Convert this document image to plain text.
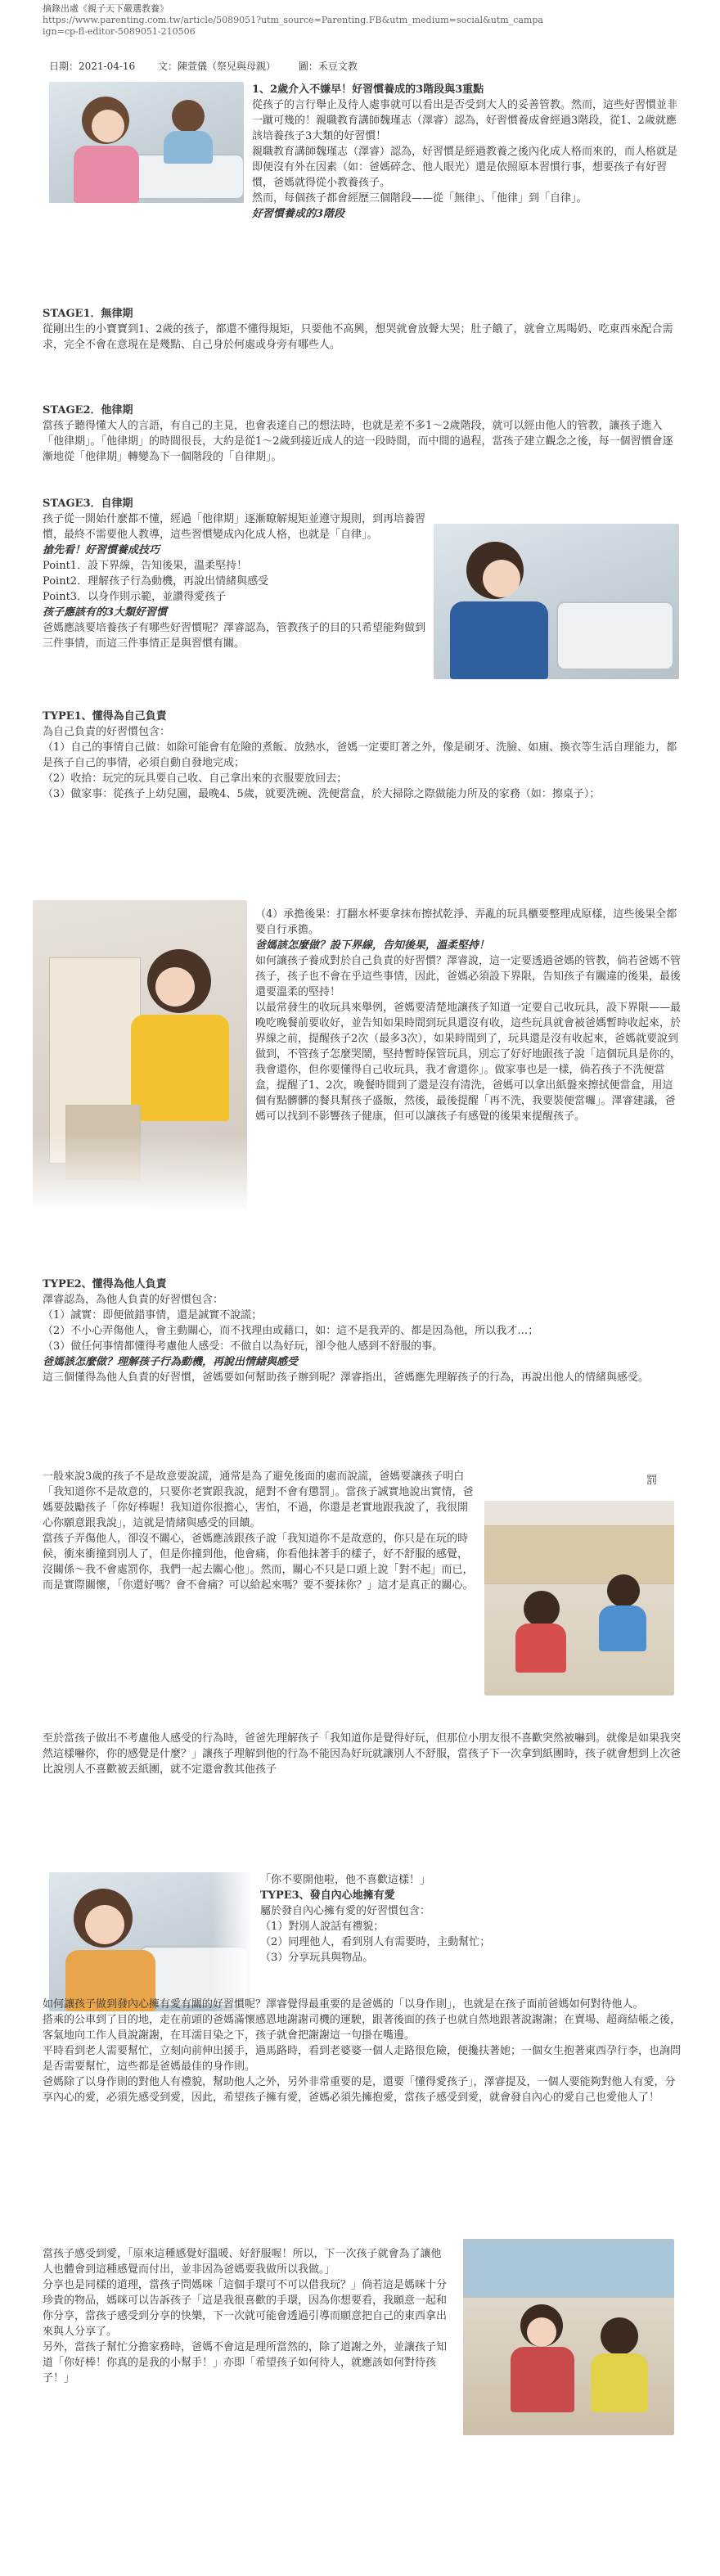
摘錄出處《親子天下嚴選教養》
https://www.parenting.com.tw/article/5089051?utm_source=Parenting.FB&utm_medium=social&utm_campa
ign=cp-fl-editor-5089051-210506
日期：2021-04-16 文：陳萱儀（祭兒與母親） 圖：禾豆文教

1、2歲介入不嫌早！好習慣養成的3階段與3重點

從孩子的言行舉止及待人處事就可以看出是否受到大人的妥善管教。然而，這些好習慣並非一蹴可幾的！親職教育講師魏瑾志（澤睿）認為，好習慣養成會經過3階段，從1、2歲就應該培養孩子3大類的好習慣！

親職教育講師魏瑾志（澤睿）認為，好習慣是經過教養之後內化成人格而來的，而人格就是即便沒有外在因素（如：爸媽碎念、他人眼光）還是依照原本習慣行事，想要孩子有好習慣，爸媽就得從小教養孩子。

然而，每個孩子都會經歷三個階段——從「無律」、「他律」到「自律」。

好習慣養成的3階段

STAGE1．無律期

從剛出生的小寶寶到1、2歲的孩子，都還不懂得規矩，只要他不高興，想哭就會放聲大哭；肚子餓了，就會立馬喝奶、吃東西來配合需求，完全不會在意現在是幾點、自己身於何處或身旁有哪些人。

STAGE2．他律期

當孩子聽得懂大人的言語，有自己的主見，也會表達自己的想法時，也就是差不多1～2歲階段，就可以經由他人的管教，讓孩子進入「他律期」。「他律期」的時間很長，大約是從1～2歲到接近成人的這一段時間，而中間的過程，當孩子建立觀念之後，每一個習慣會逐漸地從「他律期」轉變為下一個階段的「自律期」。

STAGE3．自律期

孩子從一開始什麼都不懂，經過「他律期」逐漸瞭解規矩並遵守規則，到再培養習慣，最終不需要他人教導，這些習慣變成內化成人格，也就是「自律」。

搶先看！好習慣養成技巧

Point1．設下界線，告知後果，溫柔堅持！

Point2．理解孩子行為動機，再說出情緒與感受

Point3．以身作則示範，並讚得愛孩子

孩子應該有的3大類好習慣

爸媽應該要培養孩子有哪些好習慣呢？澤睿認為，管教孩子的目的只希望能夠做到三件事情，而這三件事情正是與習慣有關。

TYPE1、懂得為自己負責

為自己負責的好習慣包含：

（1）自己的事情自己做：如除可能會有危險的煮飯、放熱水，爸媽一定要盯著之外，像是刷牙、洗臉、如廁、換衣等生活自理能力，都是孩子自己的事情，必須自動自發地完成；

（2）收拾：玩完的玩具要自己收、自己拿出來的衣服要放回去；

（3）做家事：從孩子上幼兒園，最晚4、5歲，就要洗碗、洗便當盒，於大掃除之際做能力所及的家務（如：擦桌子）；

（4）承擔後果：打翻水杯要拿抹布擦拭乾淨、弄亂的玩具櫃要整理成原樣，這些後果全都要自行承擔。

爸媽該怎麼做？設下界線，告知後果，溫柔堅持！

如何讓孩子養成對於自己負責的好習慣？澤睿說，這一定要透過爸媽的管教，倘若爸媽不管孩子，孩子也不會在乎這些事情，因此，爸媽必須設下界限，告知孩子有關違的後果，最後還要溫柔的堅持！

以最常發生的收玩具來舉例，爸媽要清楚地讓孩子知道一定要自己收玩具，設下界限——最晚吃晚餐前要收好，並告知如果時間到玩具還沒有收，這些玩具就會被爸媽暫時收起來，於界線之前，提醒孩子2次（最多3次），如果時間到了，玩具還是沒有收起來，爸媽就要說到做到，不管孩子怎麼哭鬧，堅持暫時保管玩具，別忘了好好地跟孩子說「這個玩具是你的，我會還你，但你要懂得自己收玩具，我才會還你」。做家事也是一樣，倘若孩子不洗便當盒，提醒了1、2次，晚餐時間到了還是沒有清洗，爸媽可以拿出紙盤來擦拭便當盒，用這個有點髒髒的餐具幫孩子盛飯，然後，最後提醒「再不洗，我要裝便當囉」。澤睿建議，爸媽可以找到不影響孩子健康，但可以讓孩子有感覺的後果來提醒孩子。

TYPE2、懂得為他人負責

澤睿認為，為他人負責的好習慣包含：

（1）誠實：即便做錯事情，還是誠實不說謊；

（2）不小心弄傷他人，會主動關心，而不找理由或藉口，如：這不是我弄的、都是因為他，所以我才…；

（3）做任何事情都懂得考慮他人感受：不做自以為好玩，卻令他人感到不舒服的事。

爸媽該怎麼做？理解孩子行為動機，再說出情緒與感受

這三個懂得為他人負責的好習慣，爸媽要如何幫助孩子辦到呢？澤睿指出，爸媽應先理解孩子的行為，再說出他人的情緒與感受。

一般來說3歲的孩子不是故意要說謊，通常是為了避免後面的處而說謊，爸媽要讓孩子明白「我知道你不是故意的，只要你老實跟我說，絕對不會有懲罰」。當孩子誠實地說出實情，爸媽要鼓勵孩子「你好棒喔！我知道你很擔心，害怕，不過，你還是老實地跟我說了，我很開心你願意跟我說」，這就是情緒與感受的回饋。

當孩子弄傷他人，卻沒不關心，爸媽應該跟孩子說「我知道你不是故意的，你只是在玩的時候，衝來衝撞到別人了，但是你撞到他，他會痛，你看他抹著手的樣子，好不舒服的感覺，沒關係～我不會處罰你，我們一起去關心他」。然而，關心不只是口頭上說「對不起」而已，而是實際關懷，「你還好嗎？會不會痛？可以給起來嗎？要不要抹你？」這才是真正的關心。

罰

至於當孩子做出不考慮他人感受的行為時，爸爸先理解孩子「我知道你是覺得好玩，但那位小朋友很不喜歡突然被嚇到。就像是如果我突然這樣嚇你，你的感覺是什麼？」讓孩子理解到他的行為不能因為好玩就讓別人不舒服，當孩子下一次拿到紙團時，孩子就會想到上次爸比說別人不喜歡被丟紙團，就不定還會教其他孩子

「你不要開他啦，他不喜歡這樣！」

TYPE3、發自內心地擁有愛

屬於發自內心擁有愛的好習慣包含：

（1）對別人說話有禮貌；

（2）同理他人，看到別人有需要時，主動幫忙；

（3）分享玩具與物品。

如何讓孩子做到發內心擁有愛有關的好習慣呢？澤睿覺得最重要的是爸媽的「以身作則」，也就是在孩子面前爸媽如何對待他人。

搭乘的公車到了目的地，走在前頭的爸媽滿懷感恩地謝謝司機的運駛，跟著後面的孩子也就自然地跟著說謝謝；在賣場、超商結帳之後，客氣地向工作人員說謝謝，在耳濡目染之下，孩子就會把謝謝這一句掛在嘴邊。

平時看到老人需要幫忙，立刻向前伸出援手，過馬路時，看到老婆婆一個人走路很危險，便攙扶著她；一個女生抱著東西孕行李，也詢問是否需要幫忙，這些都是爸媽最佳的身作則。

爸媽除了以身作則的對他人有禮貌，幫助他人之外，另外非常重要的是，還要「懂得愛孩子」，澤睿提及，一個人要能夠對他人有愛，分享內心的愛，必須先感受到愛，因此，希望孩子擁有愛，爸媽必須先擁抱愛，當孩子感受到愛，就會發自內心的愛自己也愛他人了！

當孩子感受到愛，「原來這種感覺好溫暖、好舒服喔！所以，下一次孩子就會為了讓他人也體會到這種感覺而付出，並非因為爸媽要我做所以我做。」

分享也是同樣的道理，當孩子問媽咪「這個手環可不可以借我玩？」倘若這是媽咪十分珍貴的物品，媽咪可以告訴孩子「這是我很喜歡的手環，因為你想要看，我願意一起和你分享，當孩子感受到分享的快樂，下一次就可能會透過引導而願意把自己的東西拿出來與人分享了。

另外，當孩子幫忙分擔家務時，爸媽不會這是理所當然的，除了道謝之外，並讓孩子知道「你好棒！你真的是我的小幫手！」亦即「希望孩子如何待人，就應該如何對待孩子！」
